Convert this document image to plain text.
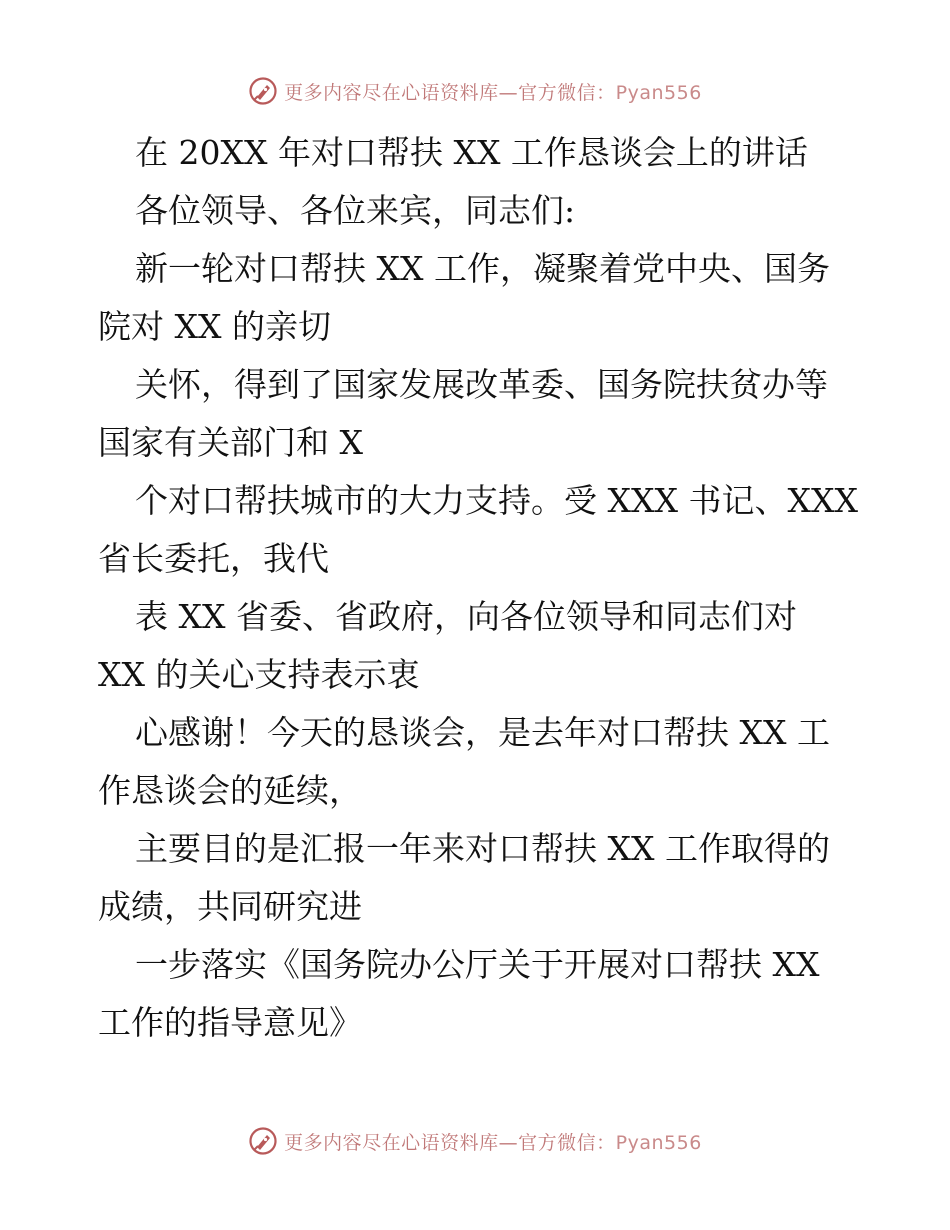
更多内容尽在心语资料库—官方微信：Pyan556
在 20XX 年对口帮扶 XX 工作恳谈会上的讲话
各位领导、各位来宾，同志们:
新一轮对口帮扶 XX 工作，凝聚着党中央、国务
院对 XX 的亲切
关怀，得到了国家发展改革委、国务院扶贫办等
国家有关部门和 X
个对口帮扶城市的大力支持。受 XXX 书记、XXX
省长委托，我代
表 XX 省委、省政府，向各位领导和同志们对
XX 的关心支持表示衷
心感谢！今天的恳谈会，是去年对口帮扶 XX 工
作恳谈会的延续，
主要目的是汇报一年来对口帮扶 XX 工作取得的
成绩，共同研究进
一步落实《国务院办公厅关于开展对口帮扶 XX
工作的指导意见》
更多内容尽在心语资料库—官方微信：Pyan556
